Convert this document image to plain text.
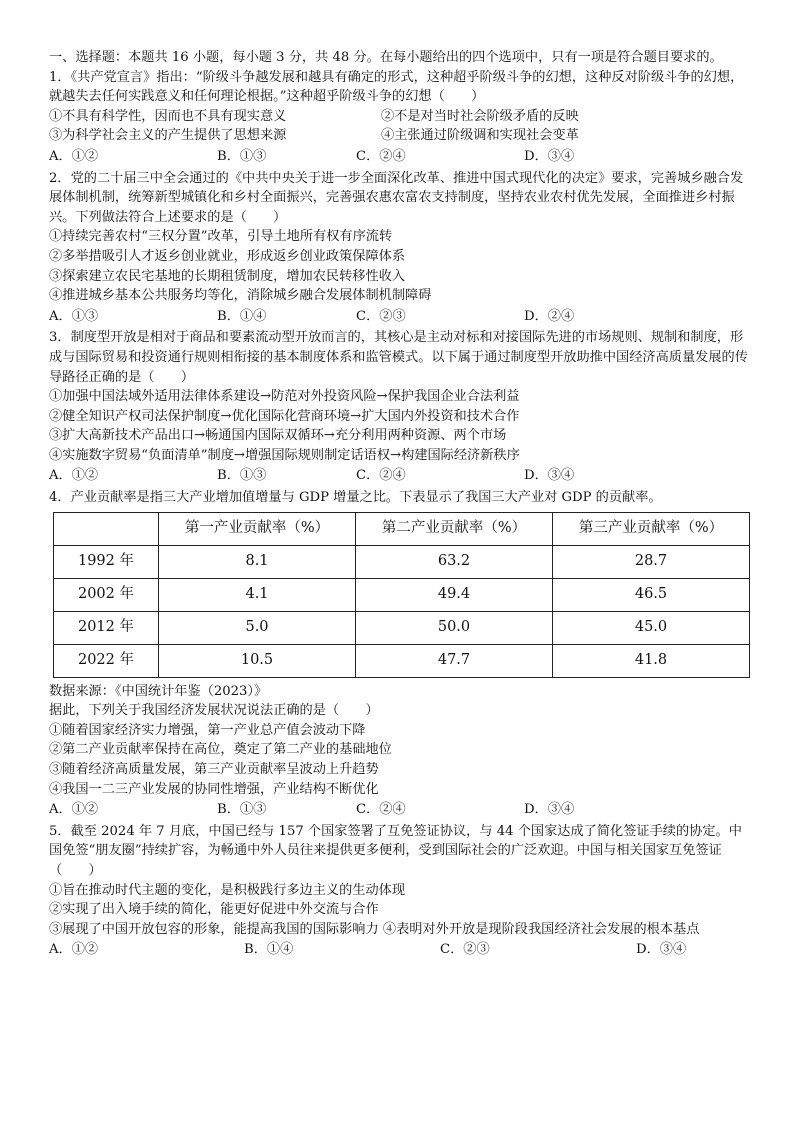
一、选择题：本题共 16 小题，每小题 3 分，共 48 分。在每小题给出的四个选项中，只有一项是符合题目要求的。
1．《共产党宣言》指出：“阶级斗争越发展和越具有确定的形式，这种超乎阶级斗争的幻想，这种反对阶级斗争的幻想，就越失去任何实践意义和任何理论根据。”这种超乎阶级斗争的幻想（　　）
①不具有科学性，因而也不具有现实意义	②不是对当时社会阶级矛盾的反映
③为科学社会主义的产生提供了思想来源	④主张通过阶级调和实现社会变革
A．①②	B．①③	C．②④	D．③④
2．党的二十届三中全会通过的《中共中央关于进一步全面深化改革、推进中国式现代化的决定》要求，完善城乡融合发展体制机制，统筹新型城镇化和乡村全面振兴，完善强农惠农富农支持制度，坚持农业农村优先发展，全面推进乡村振兴。下列做法符合上述要求的是（　　）
①持续完善农村“三权分置”改革，引导土地所有权有序流转
②多举措吸引人才返乡创业就业，形成返乡创业政策保障体系
③探索建立农民宅基地的长期租赁制度，增加农民转移性收入
④推进城乡基本公共服务均等化，消除城乡融合发展体制机制障碍
A．①③	B．①④	C．②③	D．②④
3．制度型开放是相对于商品和要素流动型开放而言的，其核心是主动对标和对接国际先进的市场规则、规制和制度，形成与国际贸易和投资通行规则相衔接的基本制度体系和监管模式。以下属于通过制度型开放助推中国经济高质量发展的传导路径正确的是（　　）
①加强中国法域外适用法律体系建设→防范对外投资风险→保护我国企业合法利益
②健全知识产权司法保护制度→优化国际化营商环境→扩大国内外投资和技术合作
③扩大高新技术产品出口→畅通国内国际双循环→充分利用两种资源、两个市场
④实施数字贸易“负面清单”制度→增强国际规则制定话语权→构建国际经济新秩序
A．①②	B．①③	C．②④	D．③④
4．产业贡献率是指三大产业增加值增量与 GDP 增量之比。下表显示了我国三大产业对 GDP 的贡献率。
	第一产业贡献率（%）	第二产业贡献率（%）	第三产业贡献率（%）
1992 年	8.1	63.2	28.7
2002 年	4.1	49.4	46.5
2012 年	5.0	50.0	45.0
2022 年	10.5	47.7	41.8
数据来源：《中国统计年鉴（2023）》
据此，下列关于我国经济发展状况说法正确的是（　　）
①随着国家经济实力增强，第一产业总产值会波动下降
②第二产业贡献率保持在高位，奠定了第二产业的基础地位
③随着经济高质量发展，第三产业贡献率呈波动上升趋势
④我国一二三产业发展的协同性增强，产业结构不断优化
A．①②	B．①③	C．②④	D．③④
5．截至 2024 年 7 月底，中国已经与 157 个国家签署了互免签证协议，与 44 个国家达成了简化签证手续的协定。中国免签“朋友圈”持续扩容，为畅通中外人员往来提供更多便利，受到国际社会的广泛欢迎。中国与相关国家互免签证（　　）
①旨在推动时代主题的变化，是积极践行多边主义的生动体现
②实现了出入境手续的简化，能更好促进中外交流与合作
③展现了中国开放包容的形象，能提高我国的国际影响力 ④表明对外开放是现阶段我国经济社会发展的根本基点
A．①②	B．①④	C．②③	D．③④
